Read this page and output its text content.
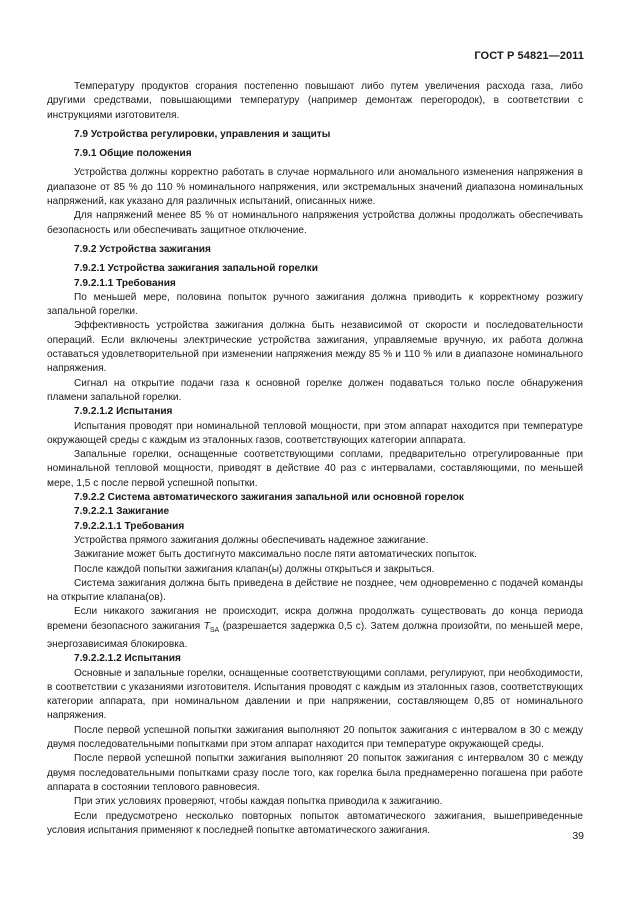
ГОСТ Р 54821—2011

Температуру продуктов сгорания постепенно повышают либо путем увеличения расхода газа, либо другими средствами, повышающими температуру (например демонтаж перегородок), в соответствии с инструкциями изготовителя.

7.9 Устройства регулировки, управления и защиты
7.9.1 Общие положения

Устройства должны корректно работать в случае нормального или аномального изменения напряжения в диапазоне от 85 % до 110 % номинального напряжения, или экстремальных значений диапазона номинальных напряжений, как указано для различных испытаний, описанных ниже.

Для напряжений менее 85 % от номинального напряжения устройства должны продолжать обеспечивать безопасность или обеспечивать защитное отключение.

7.9.2 Устройства зажигания
7.9.2.1 Устройства зажигания запальной горелки
7.9.2.1.1 Требования

По меньшей мере, половина попыток ручного зажигания должна приводить к корректному розжигу запальной горелки.

Эффективность устройства зажигания должна быть независимой от скорости и последовательности операций. Если включены электрические устройства зажигания, управляемые вручную, их работа должна оставаться удовлетворительной при изменении напряжения между 85 % и 110 % или в диапазоне номинального напряжения.

Сигнал на открытие подачи газа к основной горелке должен подаваться только после обнаружения пламени запальной горелки.

7.9.2.1.2 Испытания

Испытания проводят при номинальной тепловой мощности, при этом аппарат находится при температуре окружающей среды с каждым из эталонных газов, соответствующих категории аппарата.

Запальные горелки, оснащенные соответствующими соплами, предварительно отрегулированные при номинальной тепловой мощности, приводят в действие 40 раз с интервалами, составляющими, по меньшей мере, 1,5 с после первой успешной попытки.

7.9.2.2 Система автоматического зажигания запальной или основной горелок
7.9.2.2.1 Зажигание
7.9.2.2.1.1 Требования

Устройства прямого зажигания должны обеспечивать надежное зажигание.

Зажигание может быть достигнуто максимально после пяти автоматических попыток.

После каждой попытки зажигания клапан(ы) должны открыться и закрыться.

Система зажигания должна быть приведена в действие не позднее, чем одновременно с подачей команды на открытие клапана(ов).

Если никакого зажигания не происходит, искра должна продолжать существовать до конца периода времени безопасного зажигания $T_{SA}$ (разрешается задержка 0,5 с). Затем должна произойти, по меньшей мере, энергозависимая блокировка.

7.9.2.2.1.2 Испытания

Основные и запальные горелки, оснащенные соответствующими соплами, регулируют, при необходимости, в соответствии с указаниями изготовителя. Испытания проводят с каждым из эталонных газов, соответствующих категории аппарата, при номинальном давлении и при напряжении, составляющем 0,85 от номинального напряжения.

После первой успешной попытки зажигания выполняют 20 попыток зажигания с интервалом в 30 с между двумя последовательными попытками при этом аппарат находится при температуре окружающей среды.

После первой успешной попытки зажигания выполняют 20 попыток зажигания с интервалом 30 с между двумя последовательными попытками сразу после того, как горелка была преднамеренно погашена при работе аппарата в состоянии теплового равновесия.

При этих условиях проверяют, чтобы каждая попытка приводила к зажиганию.

Если предусмотрено несколько повторных попыток автоматического зажигания, вышеприведенные условия испытания применяют к последней попытке автоматического зажигания.	39
